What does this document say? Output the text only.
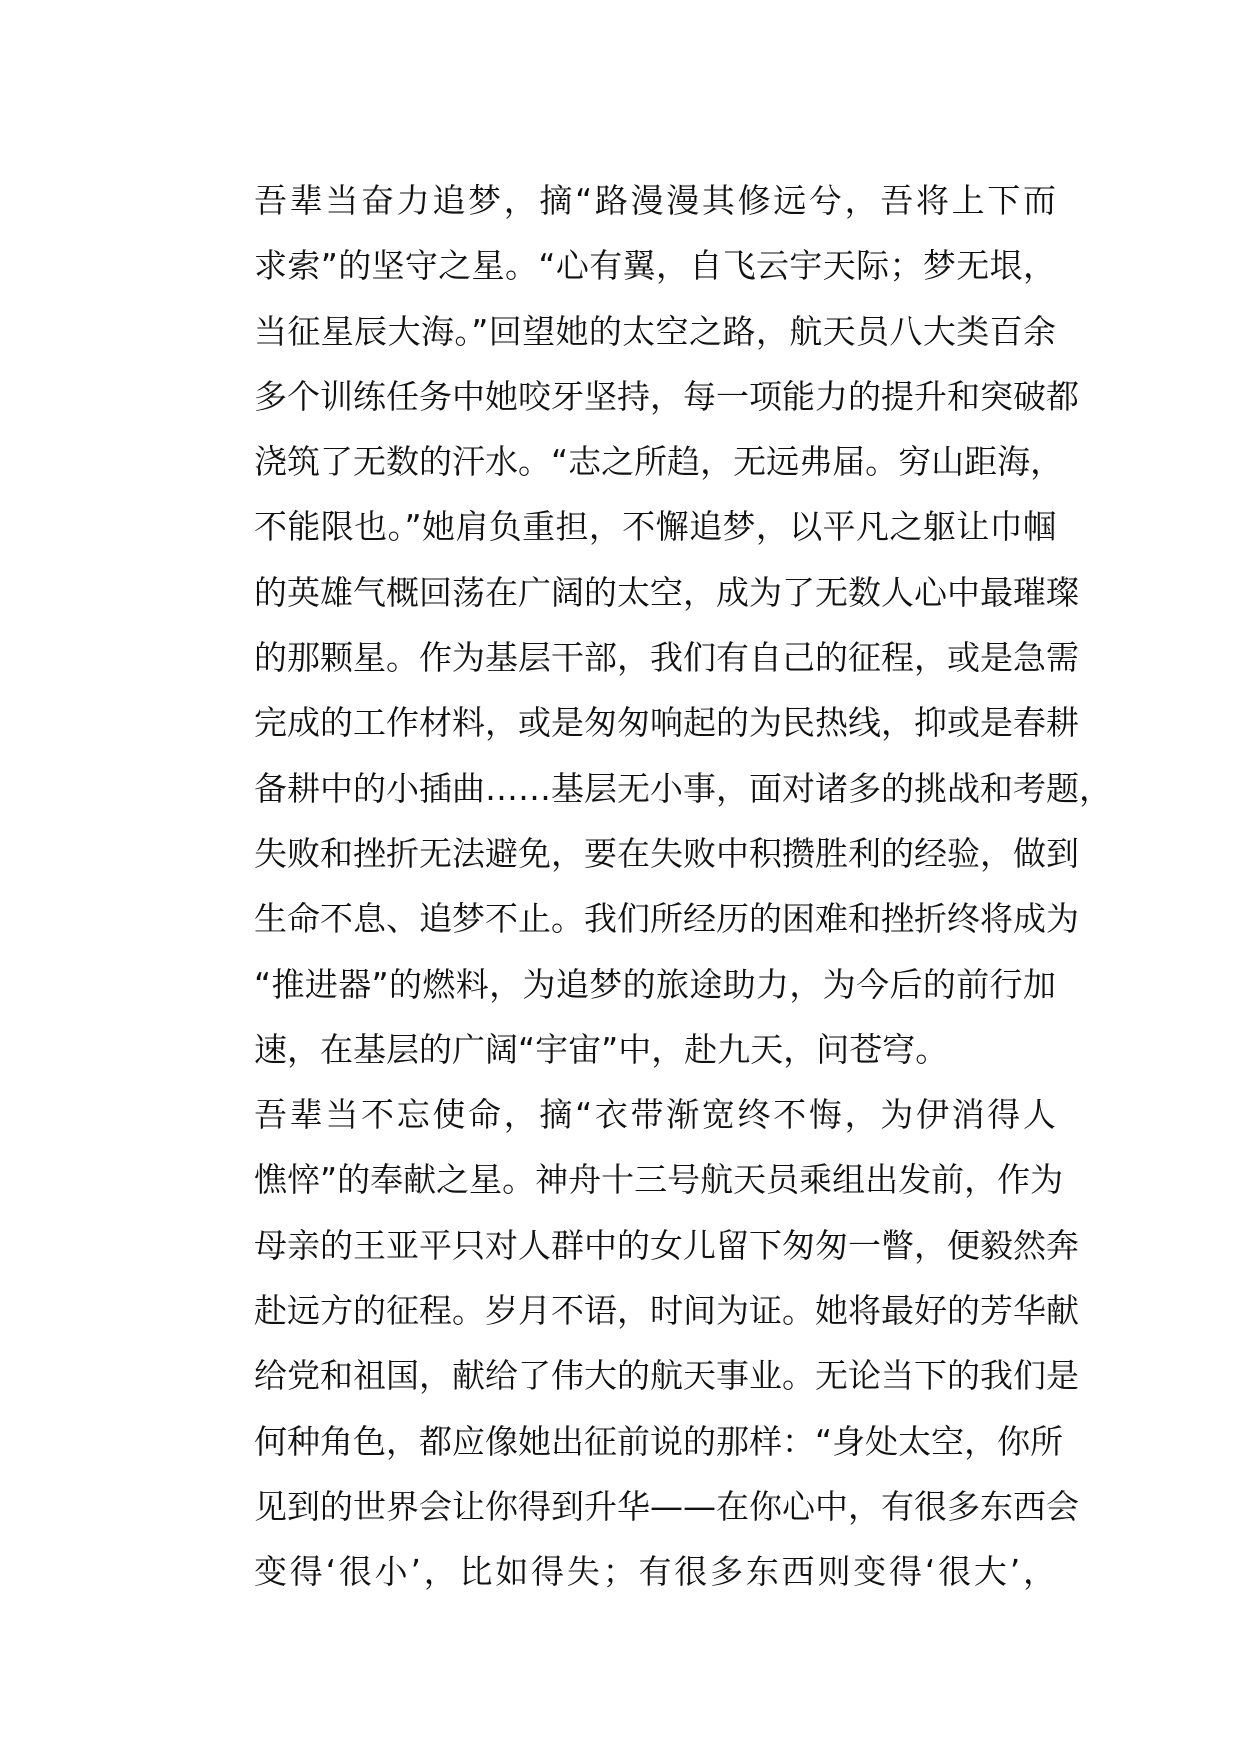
吾辈当奋力追梦，摘“路漫漫其修远兮，吾将上下而
求索”的坚守之星。“心有翼，自飞云宇天际；梦无垠，
当征星辰大海。”回望她的太空之路，航天员八大类百余
多个训练任务中她咬牙坚持，每一项能力的提升和突破都
浇筑了无数的汗水。“志之所趋，无远弗届。穷山距海，
不能限也。”她肩负重担，不懈追梦，以平凡之躯让巾帼
的英雄气概回荡在广阔的太空，成为了无数人心中最璀璨
的那颗星。作为基层干部，我们有自己的征程，或是急需
完成的工作材料，或是匆匆响起的为民热线，抑或是春耕
备耕中的小插曲……基层无小事，面对诸多的挑战和考题，
失败和挫折无法避免，要在失败中积攒胜利的经验，做到
生命不息、追梦不止。我们所经历的困难和挫折终将成为
“推进器”的燃料，为追梦的旅途助力，为今后的前行加
速，在基层的广阔“宇宙”中，赴九天，问苍穹。

吾辈当不忘使命，摘“衣带渐宽终不悔，为伊消得人
憔悴”的奉献之星。神舟十三号航天员乘组出发前，作为
母亲的王亚平只对人群中的女儿留下匆匆一瞥，便毅然奔
赴远方的征程。岁月不语，时间为证。她将最好的芳华献
给党和祖国，献给了伟大的航天事业。无论当下的我们是
何种角色，都应像她出征前说的那样：“身处太空，你所
见到的世界会让你得到升华——在你心中，有很多东西会
变得‘很小’，比如得失；有很多东西则变得‘很大’，
